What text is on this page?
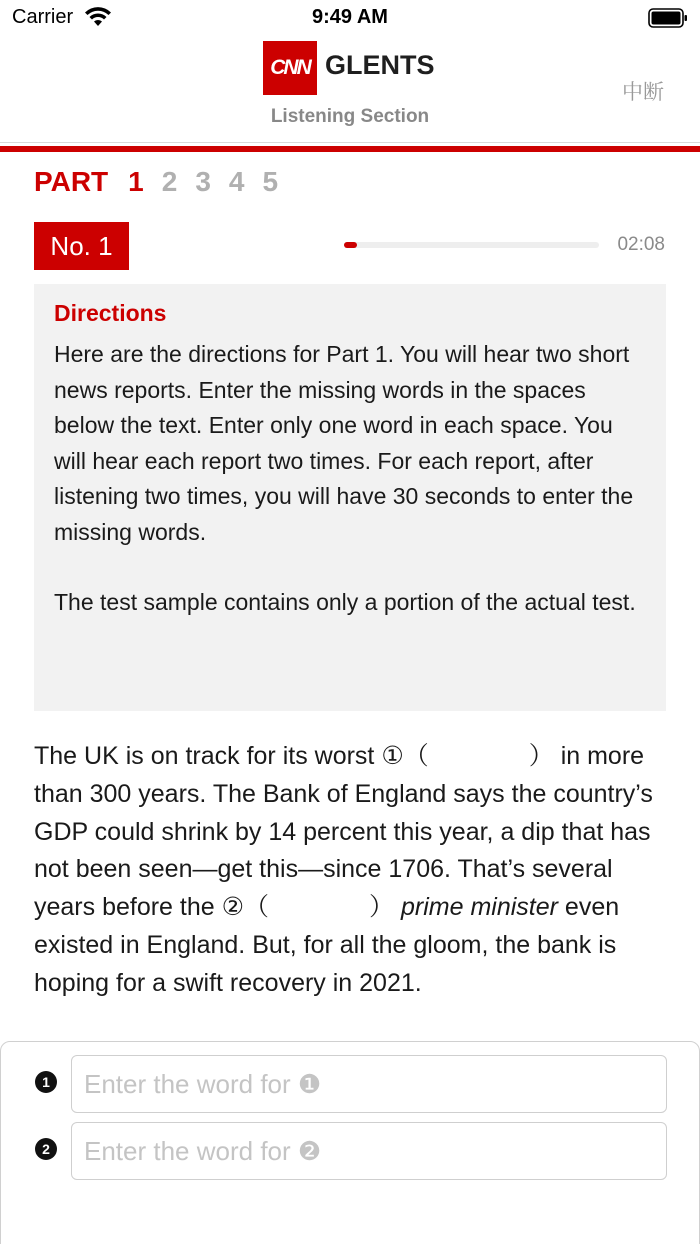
Carrier	9:49 AM
CNN GLENTS
Listening Section
中断
PART 1 2 3 4 5
No. 1	02:08
Directions
Here are the directions for Part 1. You will hear two short news reports. Enter the missing words in the spaces below the text. Enter only one word in each space. You will hear each report two times. For each report, after listening two times, you will have 30 seconds to enter the missing words.
The test sample contains only a portion of the actual test.
The UK is on track for its worst ①（　　　　） in more than 300 years. The Bank of England says the country’s GDP could shrink by 14 percent this year, a dip that has not been seen—get this—since 1706. That’s several years before the ②（　　　　） prime minister even existed in England. But, for all the gloom, the bank is hoping for a swift recovery in 2021.
1
Enter the word for ❶
2
Enter the word for ❷
